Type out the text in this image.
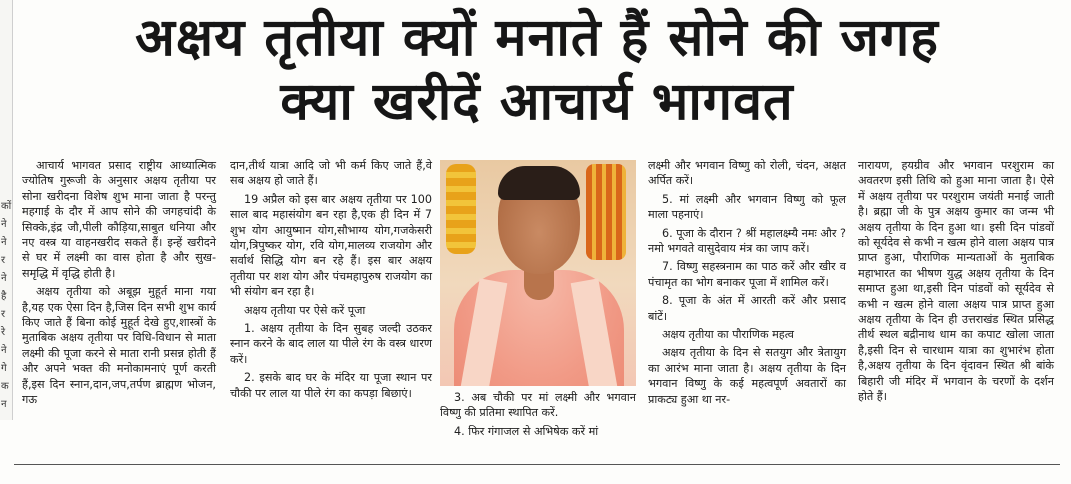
कों
ने
ने
र
ने
है
र
रे
ने
गे
क
न
अक्षय तृतीया क्यों मनाते हैं सोने की जगह
क्या खरीदें आचार्य भागवत

आचार्य भागवत प्रसाद राष्ट्रीय आध्यात्मिक ज्योतिष गुरूजी के अनुसार अक्षय तृतीया पर सोना खरीदना विशेष शुभ माना जाता है परन्तु महगाई के दौर में आप सोने की जगहचांदी के सिक्के,इंद्र जौ,पीली कौड़िया,साबुत धनिया और नए वस्त्र या वाहनखरीद सकते हैं। इन्हें खरीदने से घर में लक्ष्मी का वास होता है और सुख-समृद्धि में वृद्धि होती है।

अक्षय तृतीया को अबूझ मुहूर्त माना गया है,यह एक ऐसा दिन है,जिस दिन सभी शुभ कार्य किए जाते हैं बिना कोई मुहूर्त देखे हुए,शास्त्रों के मुताबिक अक्षय तृतीया पर विधि-विधान से माता लक्ष्मी की पूजा करने से माता रानी प्रसन्न होती हैं और अपने भक्त की मनोकामनाएं पूर्ण करती हैं,इस दिन स्नान,दान,जप,तर्पण ब्राह्मण भोजन, गऊ

दान,तीर्थ यात्रा आदि जो भी कर्म किए जाते हैं,वे सब अक्षय हो जाते हैं।

19 अप्रैल को इस बार अक्षय तृतीया पर 100 साल बाद महासंयोग बन रहा है,एक ही दिन में 7 शुभ योग आयुष्मान योग,सौभाग्य योग,गजकेसरी योग,त्रिपुष्कर योग, रवि योग,मालव्य राजयोग और सर्वार्थ सिद्धि योग बन रहे हैं। इस बार अक्षय तृतीया पर शश योग और पंचमहापुरुष राजयोग का भी संयोग बन रहा है।

अक्षय तृतीया पर ऐसे करें पूजा

1. अक्षय तृतीया के दिन सुबह जल्दी उठकर स्नान करने के बाद लाल या पीले रंग के वस्त्र धारण करें।

2. इसके बाद घर के मंदिर या पूजा स्थान पर चौकी पर लाल या पीले रंग का कपड़ा बिछाएं।	3. अब चौकी पर मां लक्ष्मी और भगवान विष्णु की प्रतिमा स्थापित करें.

4. फिर गंगाजल से अभिषेक करें मां

लक्ष्मी और भगवान विष्णु को रोली, चंदन, अक्षत अर्पित करें।

5. मां लक्ष्मी और भगवान विष्णु को फूल माला पहनाएं।

6. पूजा के दौरान ? श्रीं महालक्ष्म्यै नमः और ? नमो भगवते वासुदेवाय मंत्र का जाप करें।

7. विष्णु सहस्त्रनाम का पाठ करें और खीर व पंचामृत का भोग बनाकर पूजा में शामिल करें।

8. पूजा के अंत में आरती करें और प्रसाद बांटें।

अक्षय तृतीया का पौराणिक महत्व

अक्षय तृतीया के दिन से सतयुग और त्रेतायुग का आरंभ माना जाता है। अक्षय तृतीया के दिन भगवान विष्णु के कई महत्वपूर्ण अवतारों का प्राकट्य हुआ था नर-

नारायण, हयग्रीव और भगवान परशुराम का अवतरण इसी तिथि को हुआ माना जाता है। ऐसे में अक्षय तृतीया पर परशुराम जयंती मनाई जाती है। ब्रह्मा जी के पुत्र अक्षय कुमार का जन्म भी अक्षय तृतीया के दिन हुआ था। इसी दिन पांडवों को सूर्यदेव से कभी न खत्म होने वाला अक्षय पात्र प्राप्त हुआ, पौराणिक मान्यताओं के मुताबिक महाभारत का भीषण युद्ध अक्षय तृतीया के दिन समाप्त हुआ था,इसी दिन पांडवों को सूर्यदेव से कभी न खत्म होने वाला अक्षय पात्र प्राप्त हुआ अक्षय तृतीया के दिन ही उत्तराखंड स्थित प्रसिद्ध तीर्थ स्थल बद्रीनाथ धाम का कपाट खोला जाता है,इसी दिन से चारधाम यात्रा का शुभारंभ होता है,अक्षय तृतीया के दिन वृंदावन स्थित श्री बांके बिहारी जी मंदिर में भगवान के चरणों के दर्शन होते हैं।
